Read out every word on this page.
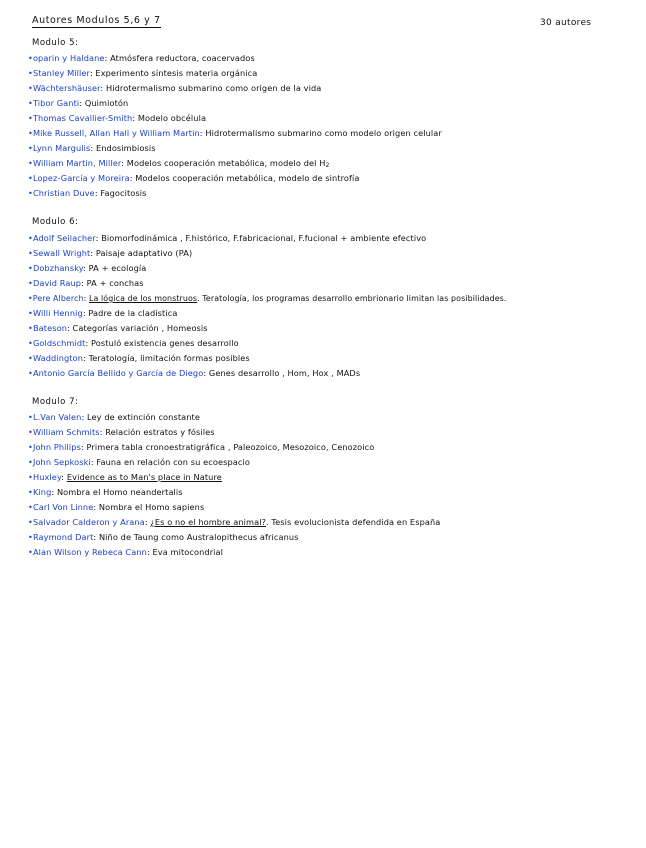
Autores Modulos 5,6 y 7	30 autores
Modulo 5:
•oparin y Haldane: Atmósfera reductora, coacervados
•Stanley Miller: Experimento síntesis materia orgánica
•Wächtershäuser: Hidrotermalismo submarino como origen de la vida
•Tibor Ganti: Quimiotón
•Thomas Cavallier-Smith: Modelo obcélula
•Mike Russell, Allan Hall y William Martin: Hidrotermalismo submarino como modelo origen celular
•Lynn Margulis: Endosimbiosis
•William Martin, Miller: Modelos cooperación metabólica, modelo del H2
•Lopez-García y Moreira: Modelos cooperación metabólica, modelo de sintrofía
•Christian Duve: Fagocitosis
Modulo 6:
•Adolf Seilacher: Biomorfodinámica , F.histórico, F.fabricacional, F.fucional + ambiente efectivo
•Sewall Wright: Paisaje adaptativo (PA)
•Dobzhansky: PA + ecología
•David Raup: PA + conchas
•Pere Alberch: La lógica de los monstruos. Teratología, los programas desarrollo embrionario limitan las posibilidades.
•Willi Hennig: Padre de la cladística
•Bateson: Categorías variación , Homeosis
•Goldschmidt: Postuló existencia genes desarrollo
•Waddington: Teratología, limitación formas posibles
•Antonio García Bellido y García de Diego: Genes desarrollo , Hom, Hox , MADs
Modulo 7:
•L.Van Valen: Ley de extinción constante
•William Schmits: Relación estratos y fósiles
•John Philips: Primera tabla cronoestratigráfica , Paleozoico, Mesozoico, Cenozoico
•John Sepkoski: Fauna en relación con su ecoespacio
•Huxley: Evidence as to Man's place in Nature
•King: Nombra el Homo neandertalis
•Carl Von Linne: Nombra el Homo sapiens
•Salvador Calderon y Arana: ¿Es o no el hombre animal?. Tesis evolucionista defendida en España
•Raymond Dart: Niño de Taung como Australopithecus africanus
•Alan Wilson y Rebeca Cann: Eva mitocondrial
